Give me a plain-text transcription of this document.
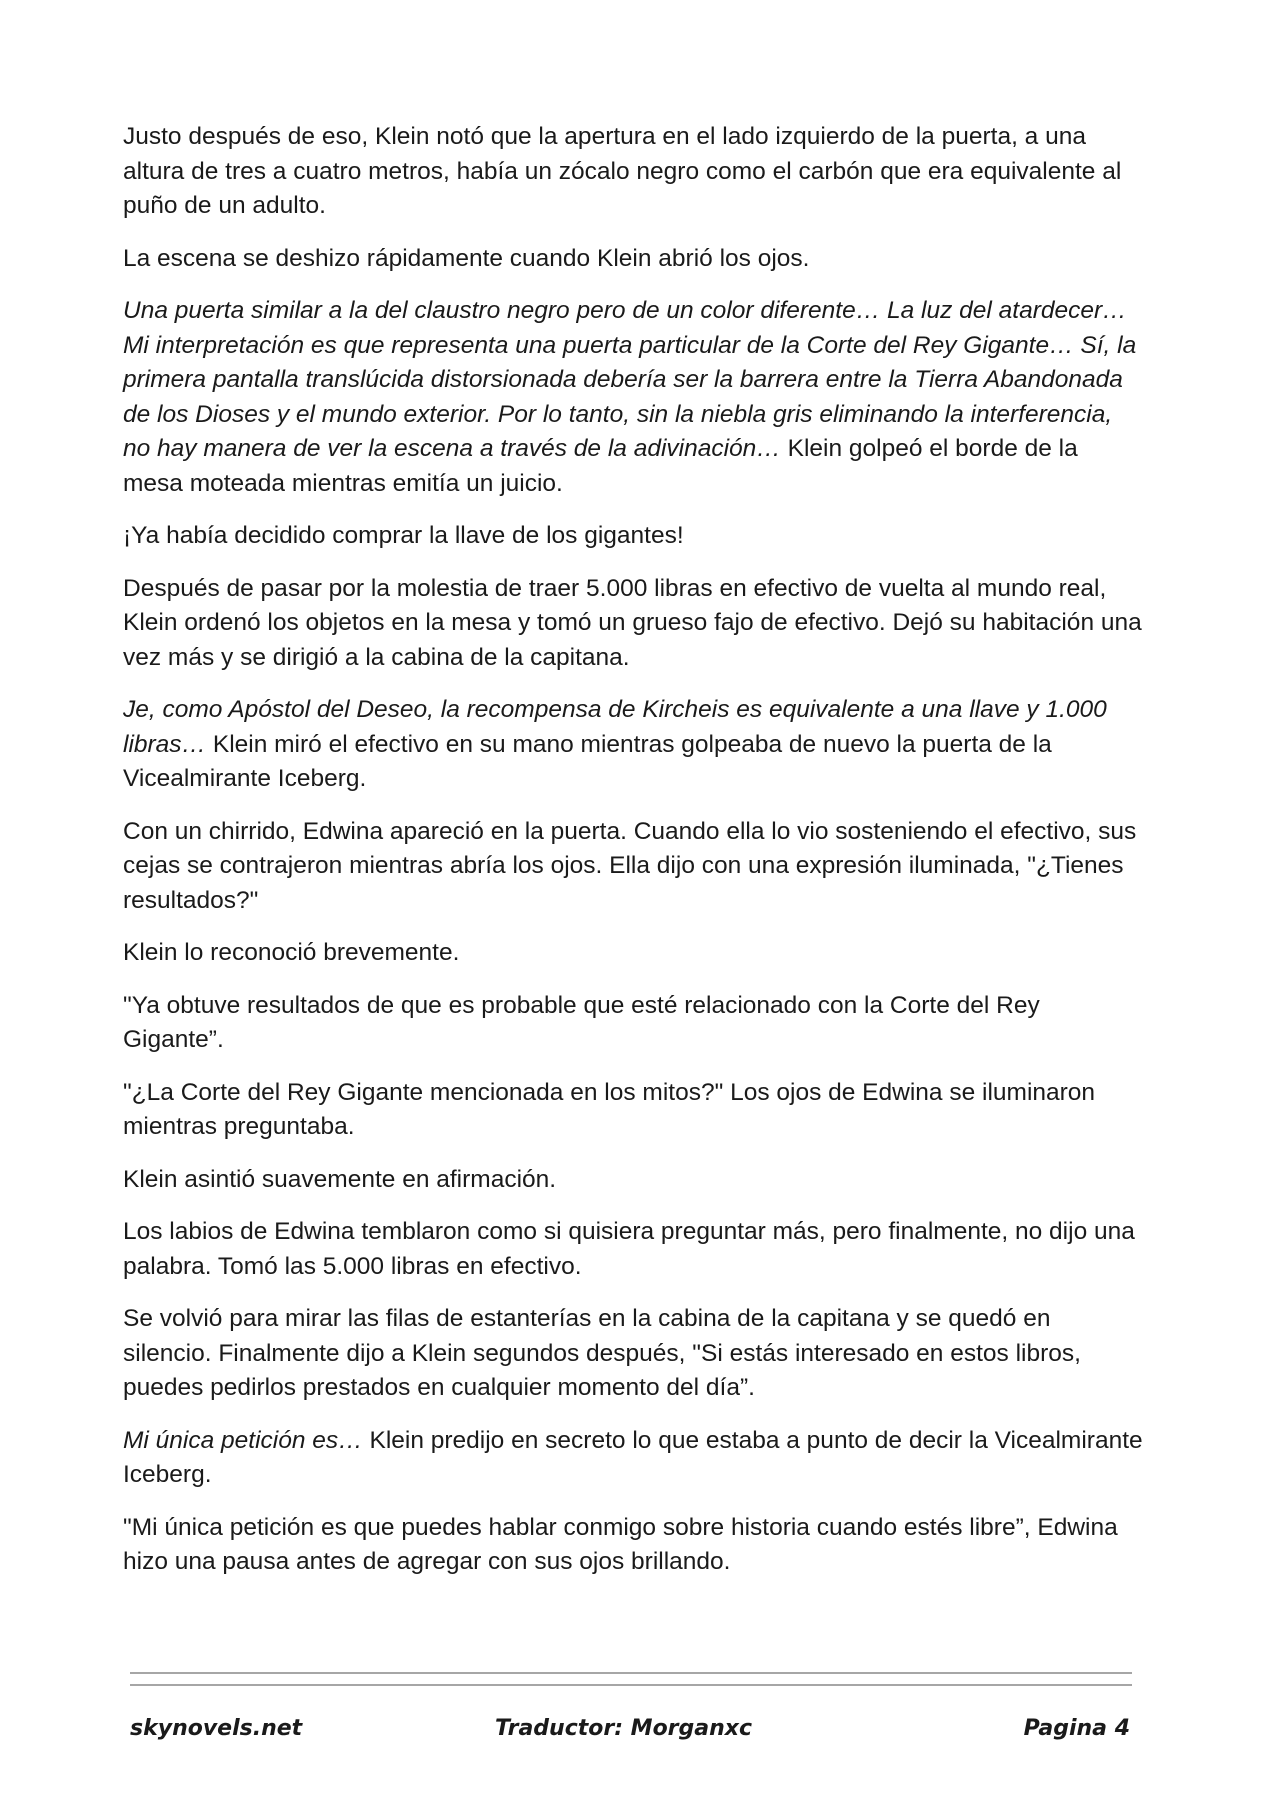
Justo después de eso, Klein notó que la apertura en el lado izquierdo de la puerta, a una altura de tres a cuatro metros, había un zócalo negro como el carbón que era equivalente al puño de un adulto.

La escena se deshizo rápidamente cuando Klein abrió los ojos.

Una puerta similar a la del claustro negro pero de un color diferente… La luz del atardecer… Mi interpretación es que representa una puerta particular de la Corte del Rey Gigante… Sí, la primera pantalla translúcida distorsionada debería ser la barrera entre la Tierra Abandonada de los Dioses y el mundo exterior. Por lo tanto, sin la niebla gris eliminando la interferencia, no hay manera de ver la escena a través de la adivinación… Klein golpeó el borde de la mesa moteada mientras emitía un juicio.

¡Ya había decidido comprar la llave de los gigantes!

Después de pasar por la molestia de traer 5.000 libras en efectivo de vuelta al mundo real, Klein ordenó los objetos en la mesa y tomó un grueso fajo de efectivo. Dejó su habitación una vez más y se dirigió a la cabina de la capitana.

Je, como Apóstol del Deseo, la recompensa de Kircheis es equivalente a una llave y 1.000 libras… Klein miró el efectivo en su mano mientras golpeaba de nuevo la puerta de la Vicealmirante Iceberg.

Con un chirrido, Edwina apareció en la puerta. Cuando ella lo vio sosteniendo el efectivo, sus cejas se contrajeron mientras abría los ojos. Ella dijo con una expresión iluminada, "¿Tienes resultados?"

Klein lo reconoció brevemente.

"Ya obtuve resultados de que es probable que esté relacionado con la Corte del Rey Gigante”.

"¿La Corte del Rey Gigante mencionada en los mitos?" Los ojos de Edwina se iluminaron mientras preguntaba.

Klein asintió suavemente en afirmación.

Los labios de Edwina temblaron como si quisiera preguntar más, pero finalmente, no dijo una palabra. Tomó las 5.000 libras en efectivo.

Se volvió para mirar las filas de estanterías en la cabina de la capitana y se quedó en silencio. Finalmente dijo a Klein segundos después, "Si estás interesado en estos libros, puedes pedirlos prestados en cualquier momento del día”.

Mi única petición es… Klein predijo en secreto lo que estaba a punto de decir la Vicealmirante Iceberg.

"Mi única petición es que puedes hablar conmigo sobre historia cuando estés libre”, Edwina hizo una pausa antes de agregar con sus ojos brillando.

skynovels.net	Traductor: Morganxc	Pagina 4
